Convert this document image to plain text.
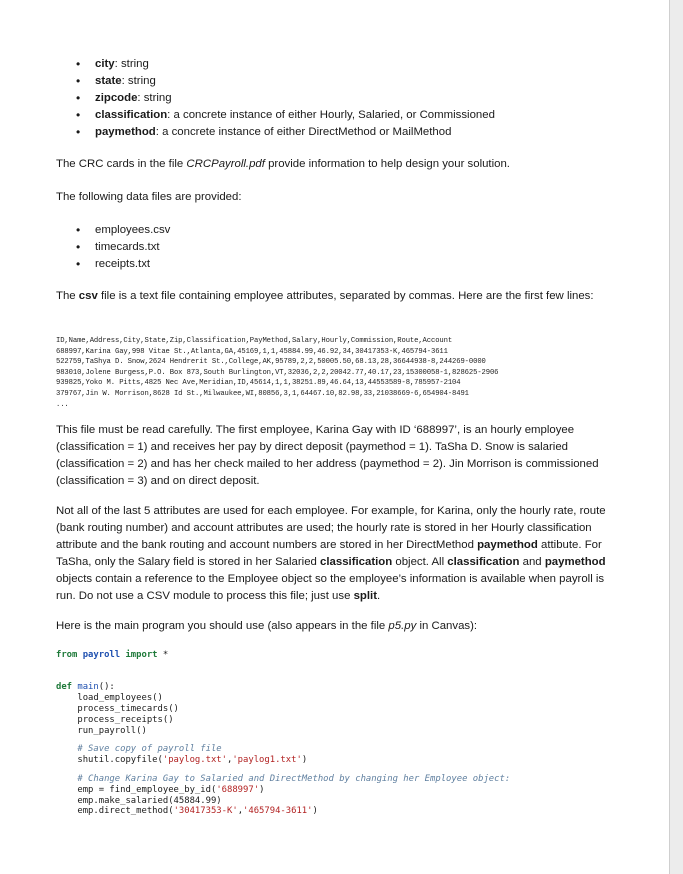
• city: string
• state: string
• zipcode: string
• classification: a concrete instance of either Hourly, Salaried, or Commissioned
• paymethod: a concrete instance of either DirectMethod or MailMethod

The CRC cards in the file CRCPayroll.pdf provide information to help design your solution.

The following data files are provided:

• employees.csv
• timecards.txt
• receipts.txt

The csv file is a text file containing employee attributes, separated by commas. Here are the first few lines:

ID,Name,Address,City,State,Zip,Classification,PayMethod,Salary,Hourly,Commission,Route,Account
688997,Karina Gay,998 Vitae St.,Atlanta,GA,45169,1,1,45884.99,46.92,34,30417353-K,465794-3611
522759,TaShya D. Snow,2624 Hendrerit St.,College,AK,95789,2,2,50005.50,68.13,28,36644938-8,244269-0000
983010,Jolene Burgess,P.O. Box 873,South Burlington,VT,32036,2,2,20042.77,40.17,23,15300058-1,828625-2906
939825,Yoko M. Pitts,4825 Nec Ave,Meridian,ID,45614,1,1,38251.89,46.64,13,44553589-8,785957-2104
379767,Jin W. Morrison,8628 Id St.,Milwaukee,WI,80856,3,1,64467.10,82.98,33,21038669-6,654904-8491
...

This file must be read carefully. The first employee, Karina Gay with ID ‘688997’, is an hourly employee (classification = 1) and receives her pay by direct deposit (paymethod = 1). TaSha D. Snow is salaried (classification = 2) and has her check mailed to her address (paymethod = 2). Jin Morrison is commissioned (classification = 3) and on direct deposit.

Not all of the last 5 attributes are used for each employee. For example, for Karina, only the hourly rate, route (bank routing number) and account attributes are used; the hourly rate is stored in her Hourly classification attribute and the bank routing and account numbers are stored in her DirectMethod paymethod attibute. For TaSha, only the Salary field is stored in her Salaried classification object. All classification and paymethod objects contain a reference to the Employee object so the employee’s information is available when payroll is run. Do not use a CSV module to process this file; just use split.

Here is the main program you should use (also appears in the file p5.py in Canvas):

from payroll import *

def main():
load_employees()
process_timecards()
process_receipts()
run_payroll()
# Save copy of payroll file
shutil.copyfile('paylog.txt','paylog1.txt')
# Change Karina Gay to Salaried and DirectMethod by changing her Employee object:
emp = find_employee_by_id('688997')
emp.make_salaried(45884.99)
emp.direct_method('30417353-K','465794-3611')
